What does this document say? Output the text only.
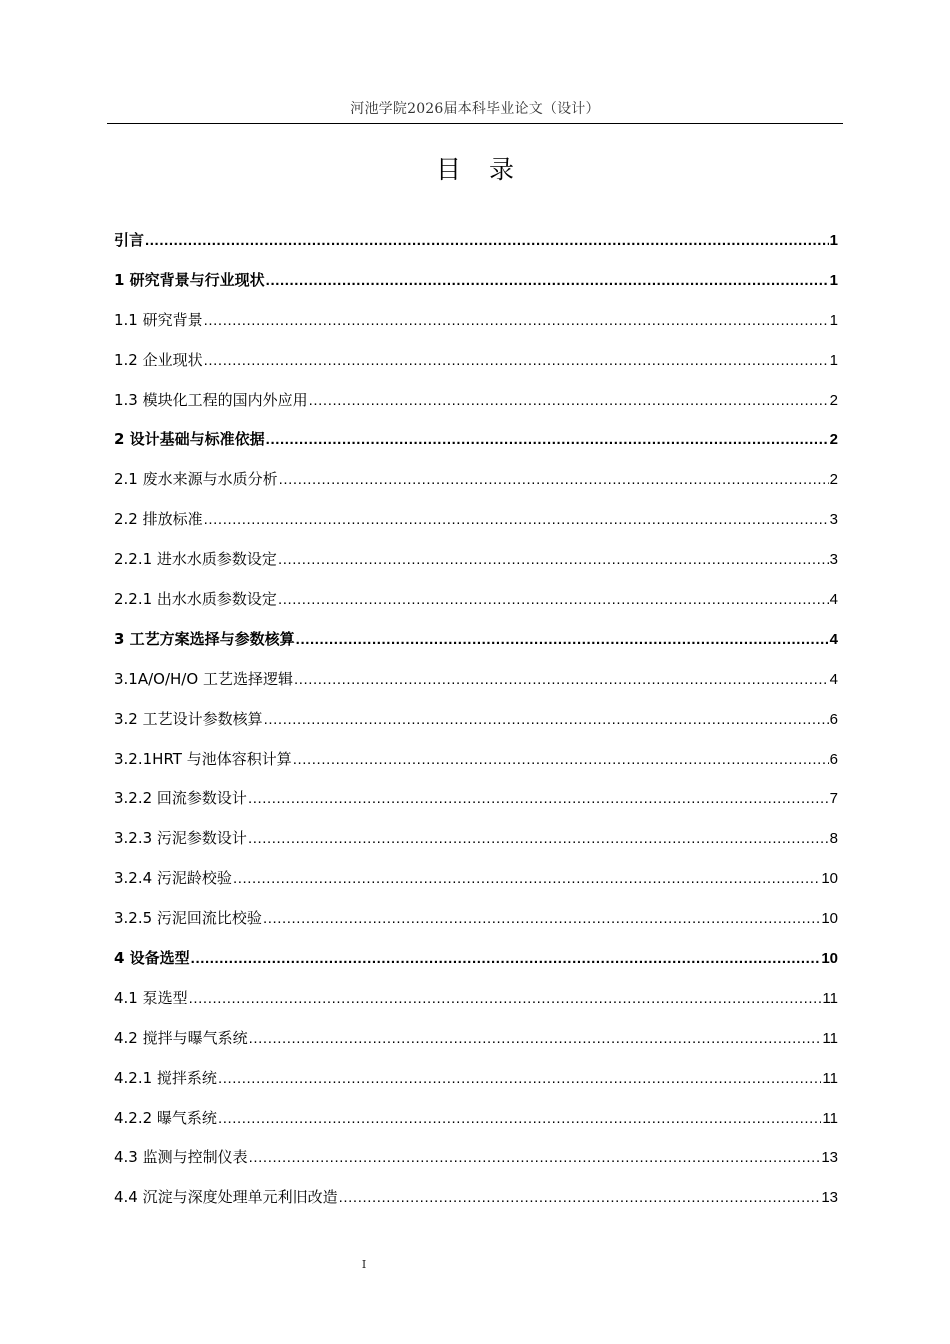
河池学院2026届本科毕业论文（设计）
目录
引言 .....	1
1 研究背景与行业现状 .....	1
1.1 研究背景 .....	1
1.2 企业现状 .....	1
1.3 模块化工程的国内外应用 .....	2
2 设计基础与标准依据 .....	2
2.1 废水来源与水质分析 .....	2
2.2 排放标准 .....	3
2.2.1 进水水质参数设定 .....	3
2.2.1 出水水质参数设定 .....	4
3 工艺方案选择与参数核算 .....	4
3.1A/O/H/O 工艺选择逻辑 .....	4
3.2 工艺设计参数核算 .....	6
3.2.1HRT 与池体容积计算 .....	6
3.2.2 回流参数设计 .....	7
3.2.3 污泥参数设计 .....	8
3.2.4 污泥龄校验 .....	10
3.2.5 污泥回流比校验 .....	10
4 设备选型 .....	10
4.1 泵选型 .....	11
4.2 搅拌与曝气系统 .....	11
4.2.1 搅拌系统 .....	11
4.2.2 曝气系统 .....	11
4.3 监测与控制仪表 .....	13
4.4 沉淀与深度处理单元利旧改造 .....	13
I
